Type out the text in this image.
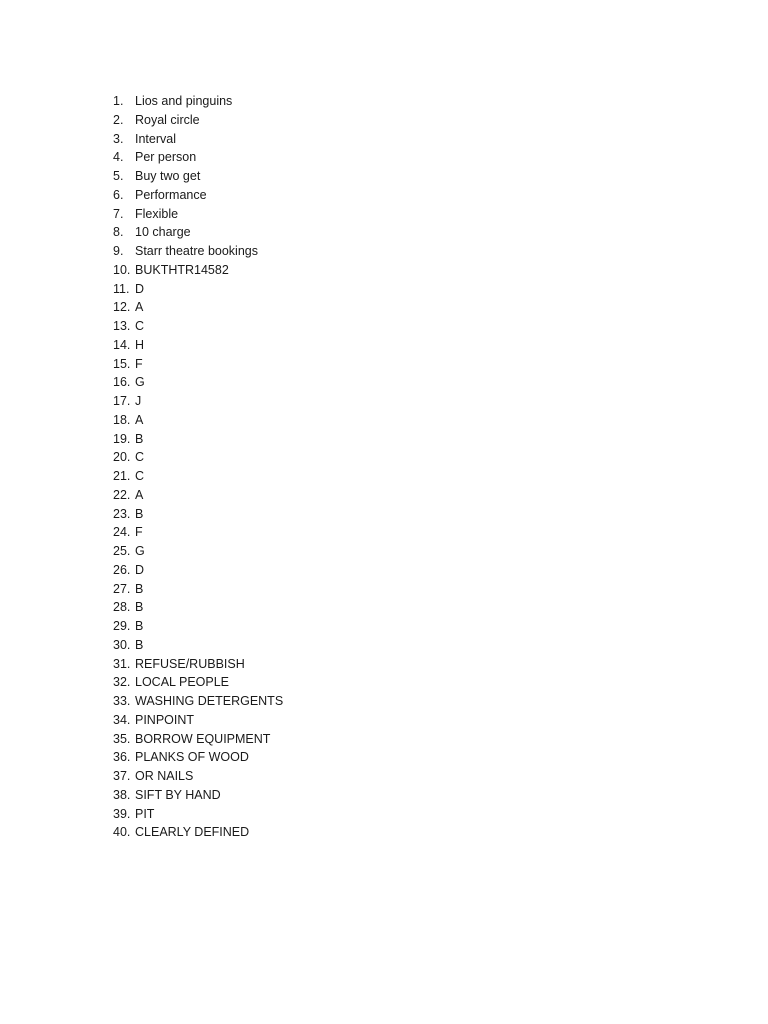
1. Lios and pinguins
2. Royal circle
3. Interval
4. Per person
5. Buy two get
6. Performance
7. Flexible
8. 10 charge
9. Starr theatre bookings
10. BUKTHTR14582
11. D
12. A
13. C
14. H
15. F
16. G
17. J
18. A
19. B
20. C
21. C
22. A
23. B
24. F
25. G
26. D
27. B
28. B
29. B
30. B
31. REFUSE/RUBBISH
32. LOCAL PEOPLE
33. WASHING DETERGENTS
34. PINPOINT
35. BORROW EQUIPMENT
36. PLANKS OF WOOD
37. OR NAILS
38. SIFT BY HAND
39. PIT
40. CLEARLY DEFINED
